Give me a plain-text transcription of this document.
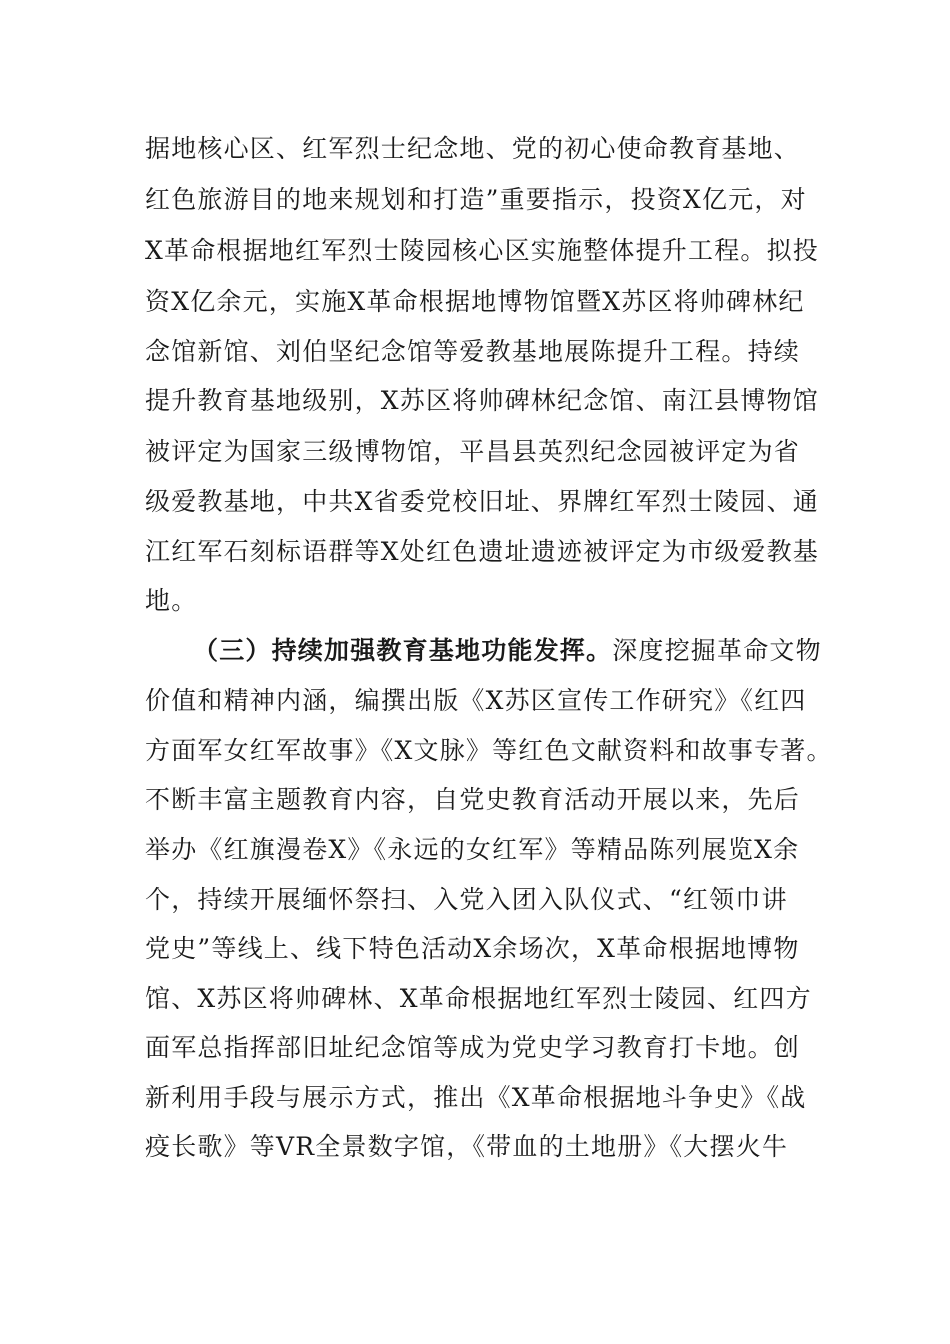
据地核心区、红军烈士纪念地、党的初心使命教育基地、
红色旅游目的地来规划和打造”重要指示，投资X亿元，对
X革命根据地红军烈士陵园核心区实施整体提升工程。拟投
资X亿余元，实施X革命根据地博物馆暨X苏区将帅碑林纪
念馆新馆、刘伯坚纪念馆等爱教基地展陈提升工程。持续
提升教育基地级别，X苏区将帅碑林纪念馆、南江县博物馆
被评定为国家三级博物馆，平昌县英烈纪念园被评定为省
级爱教基地，中共X省委党校旧址、界牌红军烈士陵园、通
江红军石刻标语群等X处红色遗址遗迹被评定为市级爱教基
地。
（三）持续加强教育基地功能发挥。深度挖掘革命文物
价值和精神内涵，编撰出版《X苏区宣传工作研究》《红四
方面军女红军故事》《X文脉》等红色文献资料和故事专著。
不断丰富主题教育内容，自党史教育活动开展以来，先后
举办《红旗漫卷X》《永远的女红军》等精品陈列展览X余
个，持续开展缅怀祭扫、入党入团入队仪式、“红领巾讲
党史”等线上、线下特色活动X余场次，X革命根据地博物
馆、X苏区将帅碑林、X革命根据地红军烈士陵园、红四方
面军总指挥部旧址纪念馆等成为党史学习教育打卡地。创
新利用手段与展示方式，推出《X革命根据地斗争史》《战
疫长歌》等VR全景数字馆，《带血的土地册》《大摆火牛
